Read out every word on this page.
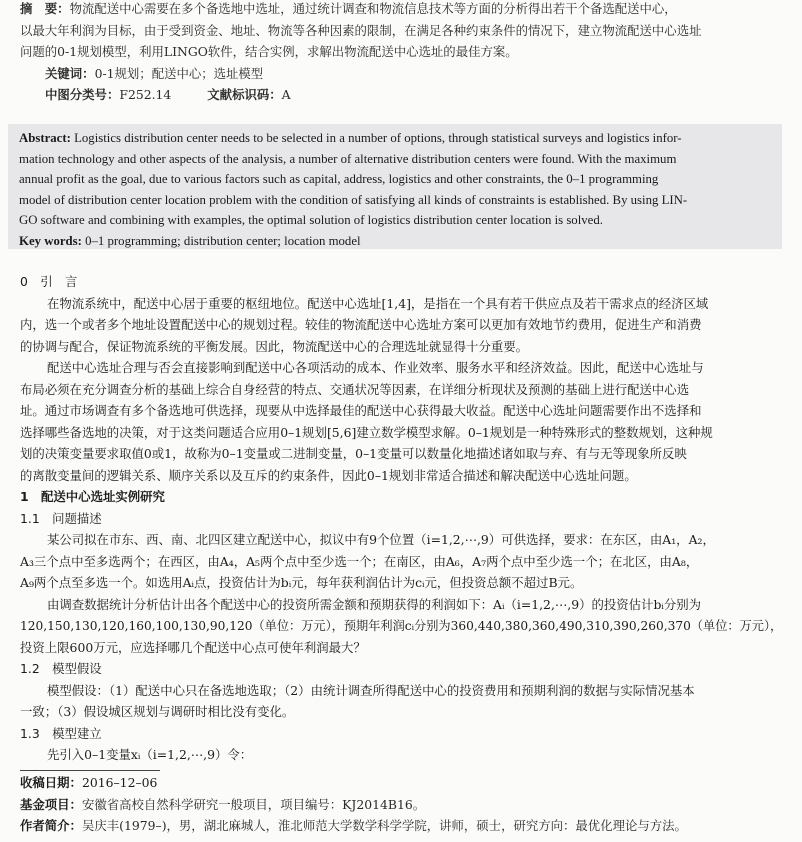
摘　要：物流配送中心需要在多个备选地中选址，通过统计调查和物流信息技术等方面的分析得出若干个备选配送中心，
以最大年利润为目标，由于受到资金、地址、物流等各种因素的限制，在满足各种约束条件的情况下，建立物流配送中心选址
问题的0-1规划模型，利用LINGO软件，结合实例，求解出物流配送中心选址的最佳方案。
关键词：0-1规划；配送中心；选址模型
中图分类号：F252.14	文献标识码：A
Abstract: Logistics distribution center needs to be selected in a number of options, through statistical surveys and logistics infor-
mation technology and other aspects of the analysis, a number of alternative distribution centers were found. With the maximum
annual profit as the goal, due to various factors such as capital, address, logistics and other constraints, the 0–1 programming
model of distribution center location problem with the condition of satisfying all kinds of constraints is established. By using LIN-
GO software and combining with examples, the optimal solution of logistics distribution center location is solved.
Key words: 0–1 programming; distribution center; location model
0　引　言
在物流系统中，配送中心居于重要的枢纽地位。配送中心选址[1,4]，是指在一个具有若干供应点及若干需求点的经济区域
内，选一个或者多个地址设置配送中心的规划过程。较佳的物流配送中心选址方案可以更加有效地节约费用，促进生产和消费
的协调与配合，保证物流系统的平衡发展。因此，物流配送中心的合理选址就显得十分重要。
配送中心选址合理与否会直接影响到配送中心各项活动的成本、作业效率、服务水平和经济效益。因此，配送中心选址与
布局必须在充分调查分析的基础上综合自身经营的特点、交通状况等因素，在详细分析现状及预测的基础上进行配送中心选
址。通过市场调查有多个备选地可供选择，现要从中选择最佳的配送中心获得最大收益。配送中心选址问题需要作出不选择和
选择哪些备选地的决策，对于这类问题适合应用0–1规划[5,6]建立数学模型求解。0–1规划是一种特殊形式的整数规划，这种规
划的决策变量要求取值0或1，故称为0–1变量或二进制变量，0–1变量可以数量化地描述诸如取与弃、有与无等现象所反映
的离散变量间的逻辑关系、顺序关系以及互斥的约束条件，因此0–1规划非常适合描述和解决配送中心选址问题。
1　配送中心选址实例研究
1.1　问题描述
某公司拟在市东、西、南、北四区建立配送中心，拟议中有9个位置（i=1,2,⋯,9）可供选择，要求：在东区，由A₁，A₂，
A₃三个点中至多选两个；在西区，由A₄，A₅两个点中至少选一个；在南区，由A₆，A₇两个点中至少选一个；在北区，由A₈，
A₉两个点至多选一个。如选用Aᵢ点，投资估计为bᵢ元，每年获利润估计为cᵢ元，但投资总额不超过B元。
由调查数据统计分析估计出各个配送中心的投资所需金额和预期获得的利润如下：Aᵢ（i=1,2,⋯,9）的投资估计bᵢ分别为
120,150,130,120,160,100,130,90,120（单位：万元），预期年利润cᵢ分别为360,440,380,360,490,310,390,260,370（单位：万元），
投资上限600万元，应选择哪几个配送中心点可使年利润最大？
1.2　模型假设
模型假设：（1）配送中心只在备选地选取；（2）由统计调查所得配送中心的投资费用和预期利润的数据与实际情况基本
一致；（3）假设城区规划与调研时相比没有变化。
1.3　模型建立
先引入0–1变量xᵢ（i=1,2,⋯,9）令：
收稿日期：2016–12–06
基金项目：安徽省高校自然科学研究一般项目，项目编号：KJ2014B16。
作者简介：吴庆丰(1979–)，男，湖北麻城人，淮北师范大学数学科学学院，讲师，硕士，研究方向：最优化理论与方法。
